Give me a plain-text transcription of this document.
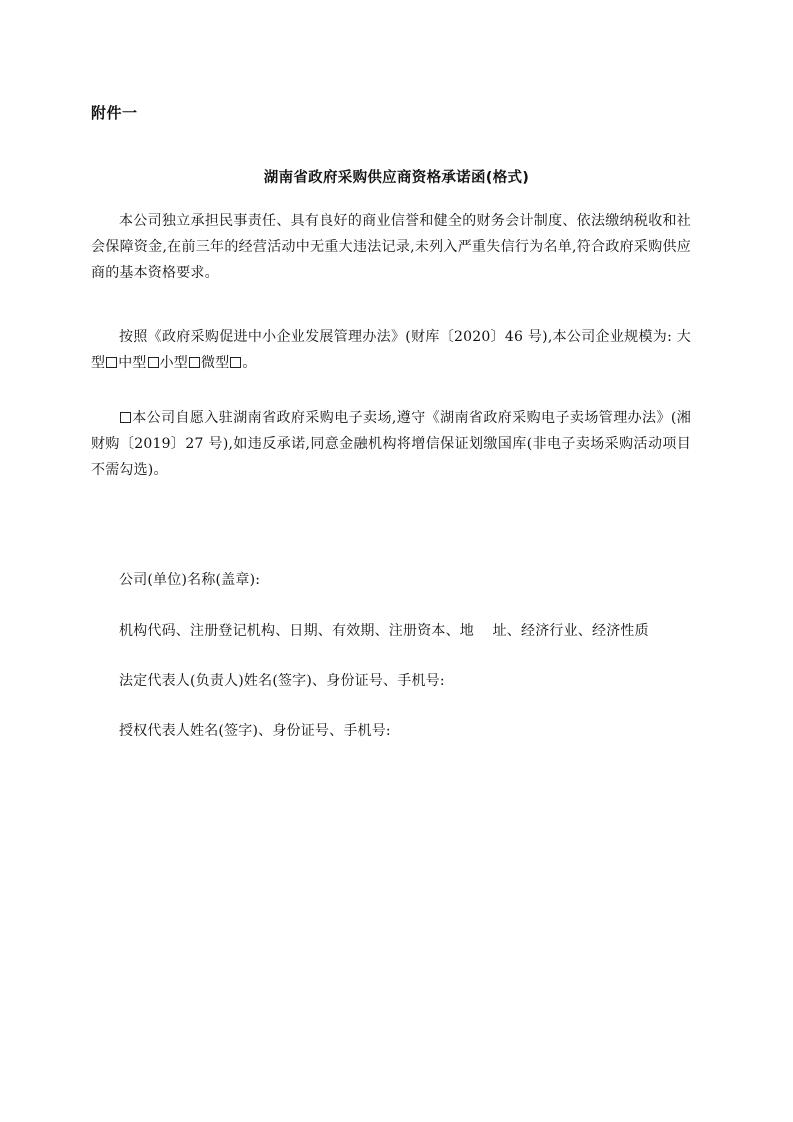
附件一
湖南省政府采购供应商资格承诺函(格式)
本公司独立承担民事责任、具有良好的商业信誉和健全的财务会计制度、依法缴纳税收和社会保障资金,在前三年的经营活动中无重大违法记录,未列入严重失信行为名单,符合政府采购供应商的基本资格要求。
按照《政府采购促进中小企业发展管理办法》(财库〔2020〕46 号),本公司企业规模为: 大型 中型 小型 微型 。
本公司自愿入驻湖南省政府采购电子卖场,遵守《湖南省政府采购电子卖场管理办法》(湘财购〔2019〕27 号),如违反承诺,同意金融机构将增信保证划缴国库(非电子卖场采购活动项目不需勾选)。
公司(单位)名称(盖章):
机构代码、注册登记机构、日期、有效期、注册资本、地    址、经济行业、经济性质
法定代表人(负责人)姓名(签字)、身份证号、手机号:
授权代表人姓名(签字)、身份证号、手机号:
